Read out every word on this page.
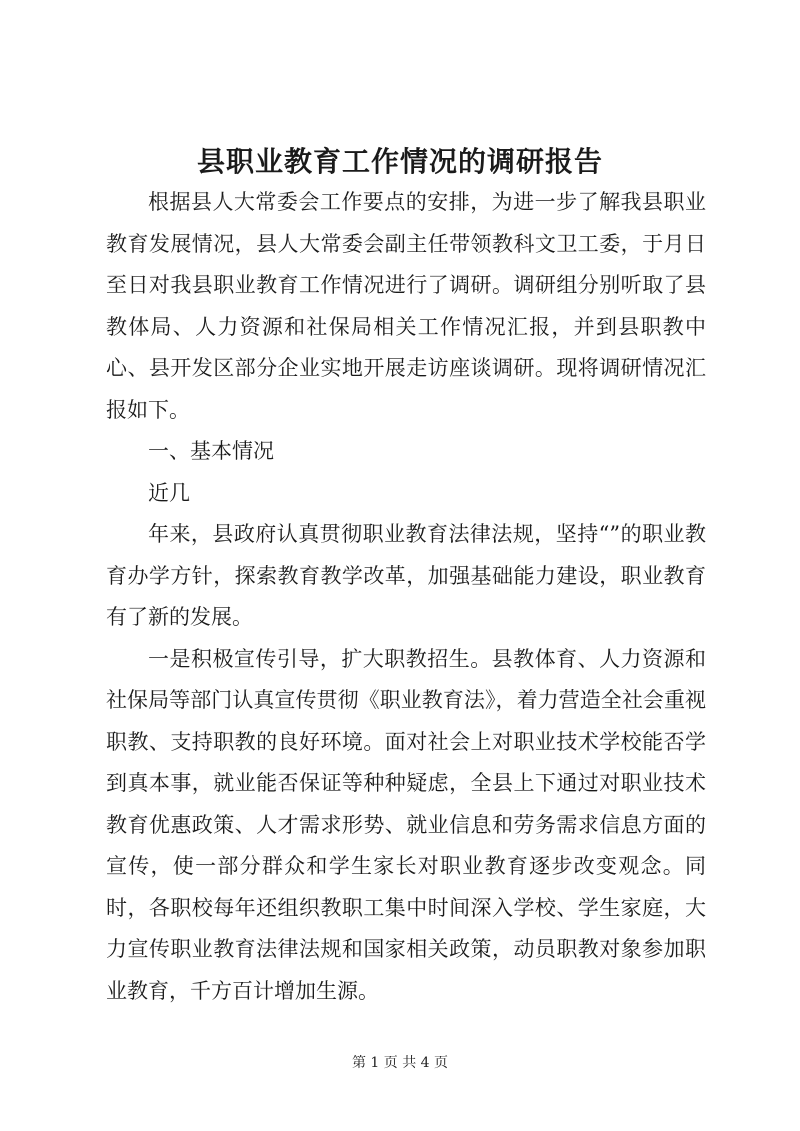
县职业教育工作情况的调研报告

根据县人大常委会工作要点的安排，为进一步了解我县职业教育发展情况，县人大常委会副主任带领教科文卫工委，于月日至日对我县职业教育工作情况进行了调研。调研组分别听取了县教体局、人力资源和社保局相关工作情况汇报，并到县职教中心、县开发区部分企业实地开展走访座谈调研。现将调研情况汇报如下。

一、基本情况

近几

年来，县政府认真贯彻职业教育法律法规，坚持“”的职业教育办学方针，探索教育教学改革，加强基础能力建设，职业教育有了新的发展。

一是积极宣传引导，扩大职教招生。县教体育、人力资源和社保局等部门认真宣传贯彻《职业教育法》，着力营造全社会重视职教、支持职教的良好环境。面对社会上对职业技术学校能否学到真本事，就业能否保证等种种疑虑，全县上下通过对职业技术教育优惠政策、人才需求形势、就业信息和劳务需求信息方面的宣传，使一部分群众和学生家长对职业教育逐步改变观念。同时，各职校每年还组织教职工集中时间深入学校、学生家庭，大力宣传职业教育法律法规和国家相关政策，动员职教对象参加职业教育，千方百计增加生源。

第 1 页 共 4 页
